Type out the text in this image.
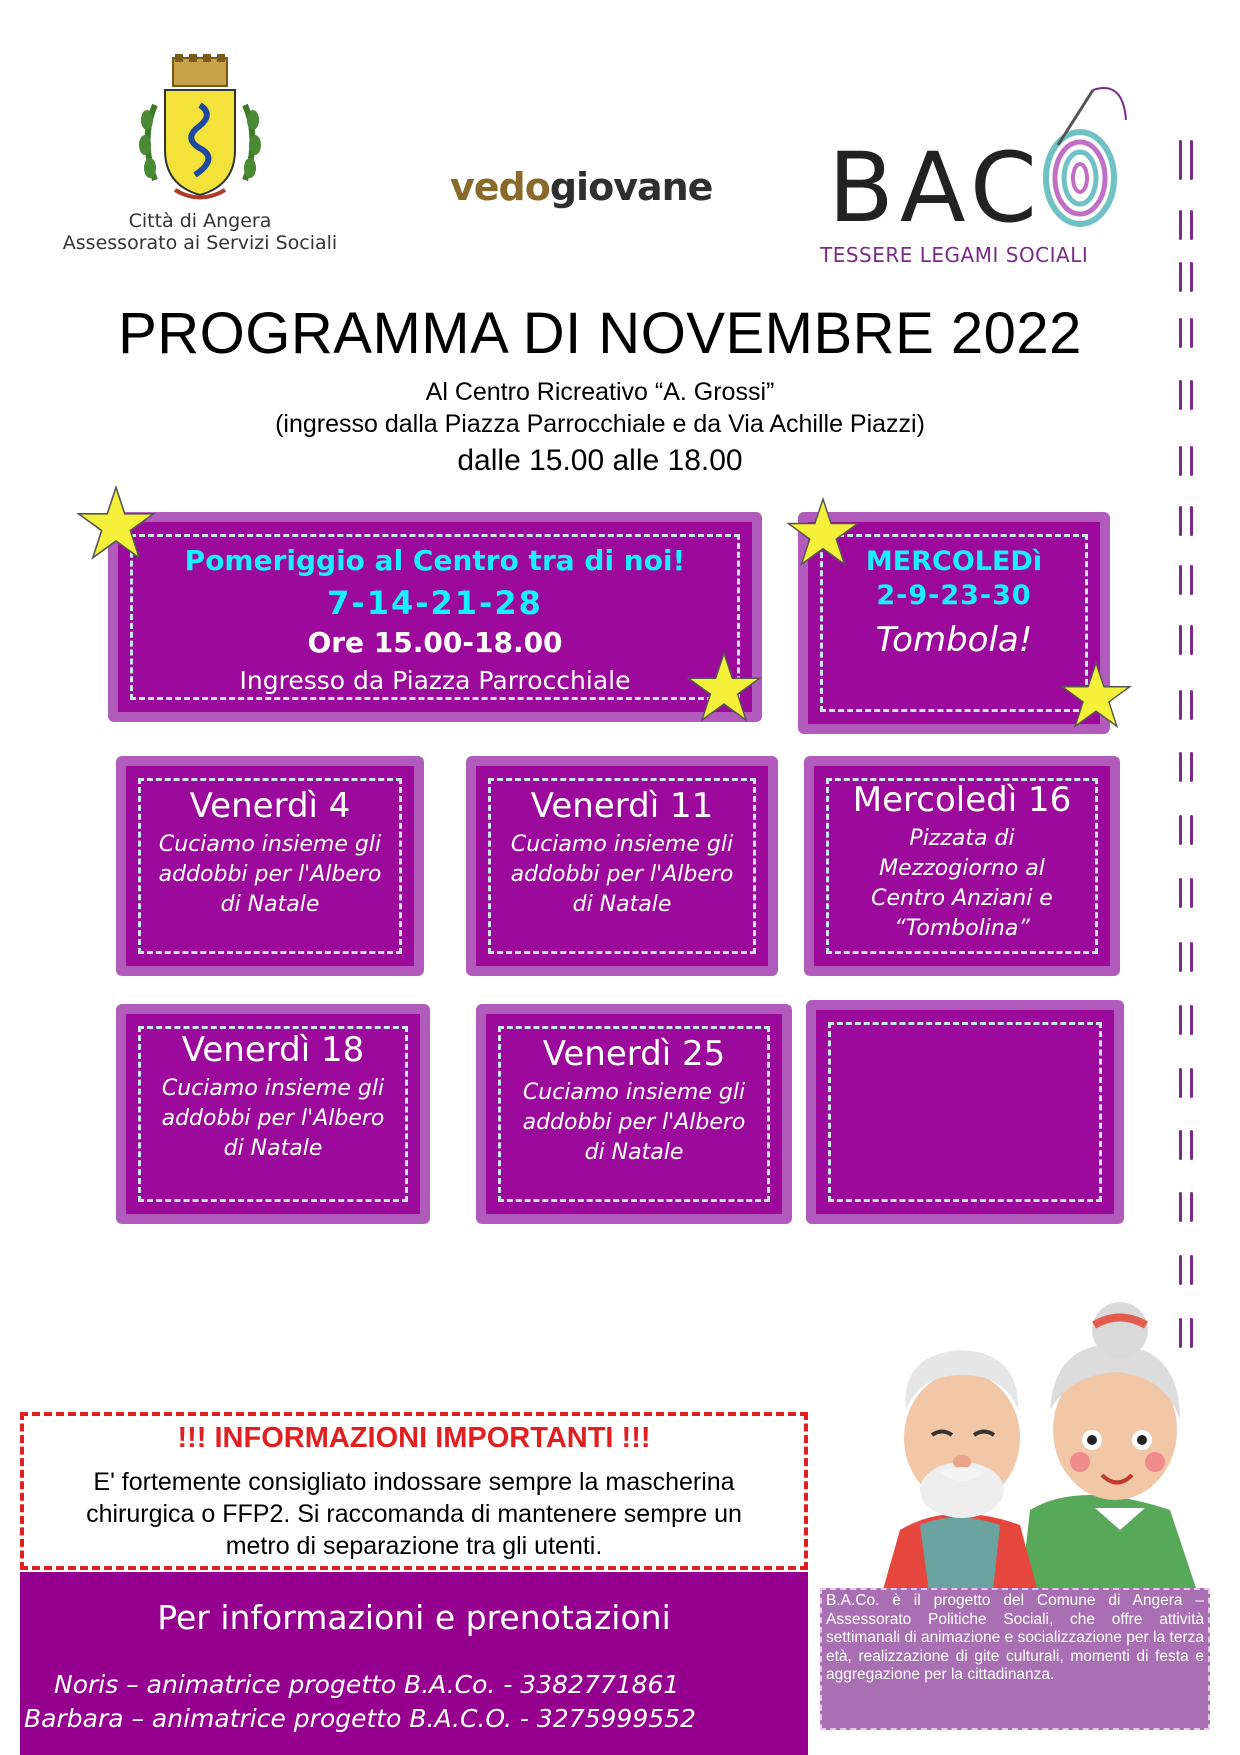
Città di Angera
Assessorato ai Servizi Sociali
vedogiovane BAC
TESSERE LEGAMI SOCIALI
PROGRAMMA DI NOVEMBRE 2022
Al Centro Ricreativo “A. Grossi”
(ingresso dalla Piazza Parrocchiale e da Via Achille Piazzi)
dalle 15.00 alle 18.00
Pomeriggio al Centro tra di noi!
7-14-21-28
Ore 15.00-18.00
Ingresso da Piazza Parrocchiale
MERCOLEDì
2-9-23-30
Tombola!
Venerdì 4
Cuciamo insieme gli
addobbi per l'Albero
di Natale
Venerdì 11
Cuciamo insieme gli
addobbi per l'Albero
di Natale
Mercoledì 16
Pizzata di
Mezzogiorno al
Centro Anziani e
“Tombolina”
Venerdì 18
Cuciamo insieme gli
addobbi per l'Albero
di Natale
Venerdì 25
Cuciamo insieme gli
addobbi per l'Albero
di Natale
!!! INFORMAZIONI IMPORTANTI !!!
E' fortemente consigliato indossare sempre la mascherina
chirurgica o FFP2. Si raccomanda di mantenere sempre un
metro di separazione tra gli utenti.
Per informazioni e prenotazioni
Noris – animatrice progetto B.A.Co. - 3382771861
Barbara – animatrice progetto B.A.C.O. - 3275999552
B.A.Co. è il progetto del Comune di Angera – Assessorato Politiche Sociali, che offre attività settimanali di animazione e socializzazione per la terza età, realizzazione di gite culturali, momenti di festa e aggregazione per la cittadinanza.
